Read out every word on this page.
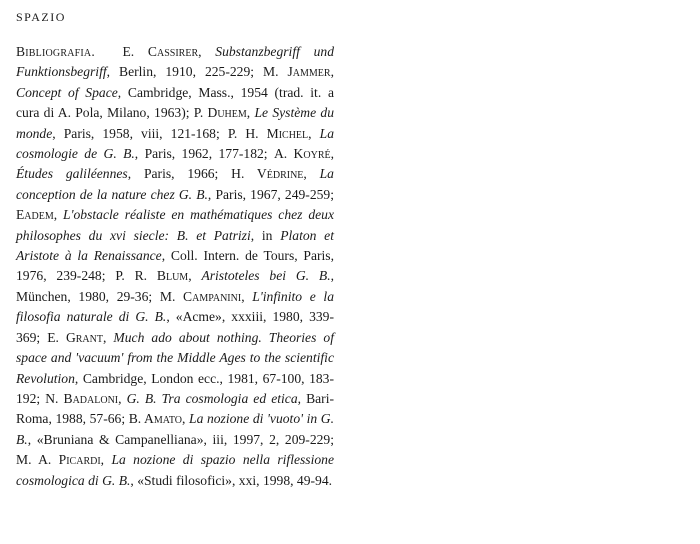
SPAZIO

Bibliografia. E. Cassirer, Substanzbegriff und Funktionsbegriff, Berlin, 1910, 225-229; M. Jammer, Concept of Space, Cambridge, Mass., 1954 (trad. it. a cura di A. Pola, Milano, 1963); P. Duhem, Le Système du monde, Paris, 1958, viii, 121-168; P. H. Michel, La cosmologie de G. B., Paris, 1962, 177-182; A. Koyré, Études galiléennes, Paris, 1966; H. Védrine, La conception de la nature chez G. B., Paris, 1967, 249-259; Eadem, L'obstacle réaliste en mathématiques chez deux philosophes du xvi siecle: B. et Patrizi, in Platon et Aristote à la Renaissance, Coll. Intern. de Tours, Paris, 1976, 239-248; P. R. Blum, Aristoteles bei G. B., München, 1980, 29-36; M. Campanini, L'infinito e la filosofia naturale di G. B., «Acme», xxxiii, 1980, 339-369; E. Grant, Much ado about nothing. Theories of space and 'vacuum' from the Middle Ages to the scientific Revolution, Cambridge, London ecc., 1981, 67-100, 183-192; N. Badaloni, G. B. Tra cosmologia ed etica, Bari-Roma, 1988, 57-66; B. Amato, La nozione di 'vuoto' in G. B., «Bruniana & Campanelliana», iii, 1997, 2, 209-229; M. A. Picardi, La nozione di spazio nella riflessione cosmologica di G. B., «Studi filosofici», xxi, 1998, 49-94.
